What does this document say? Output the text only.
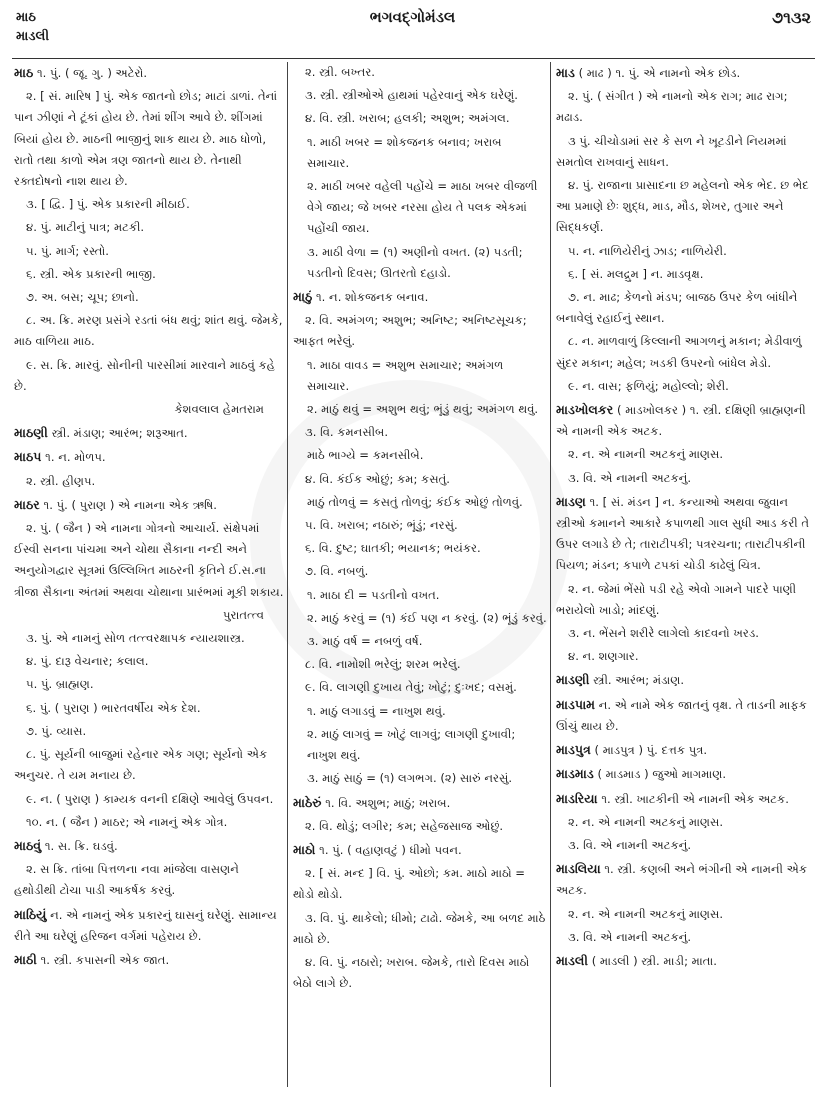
માઠ
માડલી
ભગવદ્ગોમંડલ	૭૧૩૨
માઠ ૧. પું. ( જૂ. ગુ. ) અટેરો.
૨. [ સં. મારિષ ] પું. એક જાતનો છોડ; માટાં ડાળાં. તેનાં પાન ઝીણાં ને ટૂંકાં હોય છે. તેમાં શીંગ આવે છે. શીંગમાં બિયાં હોય છે. માઠની ભાજીનું શાક થાય છે. માઠ ધોળો, રાતો તથા કાળો એમ ત્રણ જાતનો થાય છે. તેનાથી રક્તદોષનો નાશ થાય છે.
૩. [ દ્વિ. ] પું. એક પ્રકારની મીઠાઈ.
૪. પું. માટીનું પાત્ર; મટકી.
૫. પું. માર્ગ; રસ્તો.
૬. સ્ત્રી. એક પ્રકારની ભાજી.
૭. અ. બસ; ચૂપ; છાનો.
૮. અ. ક્રિ. મરણ પ્રસંગે રડતાં બંધ થવું; શાંત થવું. જેમકે, માઠ વાળિયા માઠ.
૯. સ. ક્રિ. મારવું. સોનીની પારસીમાં મારવાને માઠવું કહે છે.
કેશવલાલ હેમતરામ
માઠણી સ્ત્રી. મંડાણ; આરંભ; શરૂઆત.
માઠપ ૧. ન. મોળપ.
૨. સ્ત્રી. હીણપ.
માઠર ૧. પું. ( પુરાણ ) એ નામના એક ઋષિ.
૨. પું. ( જૈન ) એ નામના ગોત્રનો આચાર્ય. સંક્ષેપમાં ઈસ્વી સનના પાંચમા અને ચોથા સૈકાના નન્દી અને અનુયોગદ્વાર સૂત્રમાં ઉલ્લિખિત માઠરની કૃતિને ઈ.સ.ના ત્રીજા સૈકાના અંતમાં અથવા ચોથાના પ્રારંભમાં મૂકી શકાય.
પુરાતત્ત્વ
૩. પું. એ નામનું સોળ તત્ત્વરક્ષાપક ન્યાયશાસ્ત્ર.
૪. પું. દારૂ વેચનાર; કલાલ.
૫. પું. બ્રાહ્મણ.
૬. પું. ( પુરાણ ) ભારતવર્ષીય એક દેશ.
૭. પું. વ્યાસ.
૮. પું. સૂર્યની બાજુમાં રહેનાર એક ગણ; સૂર્યનો એક અનુચર. તે યમ મનાય છે.
૯. ન. ( પુરાણ ) કામ્યક વનની દક્ષિણે આવેલું ઉપવન.
૧૦. ન. ( જૈન ) માઠર; એ નામનું એક ગોત્ર.
માઠવું ૧. સ. ક્રિ. ઘડવું.
૨. સ ક્રિ. તાંબા પિત્તળના નવા માંજેલા વાસણને હથોડીથી ટોચા પાડી આકર્ષક કરવું.
માઠિયું ન. એ નામનું એક પ્રકારનું ઘાસનું ઘરેણું. સામાન્ય રીતે આ ઘરેણું હરિજન વર્ગમાં પહેરાય છે.
માઠી ૧. સ્ત્રી. કપાસની એક જાત.
૨. સ્ત્રી. બખ્તર.
૩. સ્ત્રી. સ્ત્રીઓએ હાથમાં પહેરવાનું એક ઘરેણું.
૪. વિ. સ્ત્રી. ખરાબ; હલકી; અશુભ; અમંગલ.
૧. માઠી ખબર = શોકજનક બનાવ; ખરાબ સમાચાર.
૨. માઠી ખબર વહેલી પહોંચે = માઠા ખબર વીજળી વેગે જાય; જે ખબર નરસા હોય તે પલક એકમાં પહોંચી જાય.
૩. માઠી વેળા = (૧) અણીનો વખત. (૨) પડતી; પડતીનો દિવસ; ઊતરતો દહાડો.
માઠું ૧. ન. શોકજનક બનાવ.
૨. વિ. અમંગળ; અશુભ; અનિષ્ટ; અનિષ્ટસૂચક; આફત ભરેલું.
૧. માઠા વાવડ = અશુભ સમાચાર; અમંગળ સમાચાર.
૨. માઠું થવું = અશુભ થવું; ભૂંડું થવું; અમંગળ થવું.
૩. વિ. કમનસીબ.
માઠે ભાગ્યે = કમનસીબે.
૪. વિ. કંઈક ઓછું; કમ; કસતું.
માઠું તોળવું = કસતું તોળવું; કંઈક ઓછું તોળવું.
૫. વિ. ખરાબ; નઠારું; ભૂંડું; નરસું.
૬. વિ. દુષ્ટ; ઘાતકી; ભયાનક; ભયંકર.
૭. વિ. નબળું.
૧. માઠા દી = પડતીનો વખત.
૨. માઠું કરવું = (૧) કંઈ પણ ન કરવું. (૨) ભૂંડું કરવું.
૩. માઠું વર્ષ = નબળું વર્ષ.
૮. વિ. નામોશી ભરેલું; શરમ ભરેલું.
૯. વિ. લાગણી દુખાય તેવું; ખોટું; દુઃખદ; વસમું.
૧. માઠું લગાડવું = નાખુશ થવું.
૨. માઠું લાગવું = ખોટું લાગવું; લાગણી દુખાવી; નાખુશ થવું.
૩. માઠું સાઠું = (૧) લગભગ. (૨) સારું નરસું.
માઠેરું ૧. વિ. અશુભ; માઠું; ખરાબ.
૨. વિ. થોડું; લગીર; કમ; સહેજસાજ ઓછું.
માઠો ૧. પું. ( વહાણવટું ) ધીમો પવન.
૨. [ સં. મન્દ ] વિ. પું. ઓછો; કમ. માઠો માઠો = થોડો થોડો.
૩. વિ. પું. થાકેલો; ધીમો; ટાઢો. જેમકે, આ બળદ માઠે માઠો છે.
૪. વિ. પું. નઠારો; ખરાબ. જેમકે, તારો દિવસ માઠો બેઠો લાગે છે.
માડ ( માઢ ) ૧. પું. એ નામનો એક છોડ.
૨. પું. ( સંગીત ) એ નામનો એક રાગ; માઢ રાગ; મઢાડ.
૩ પું. ચીચોડામાં સર કે સળ ને ખૂટડીને નિયમમાં સમતોલ રાખવાનું સાધન.
૪. પું. રાજાના પ્રાસાદના છ મહેલનો એક ભેદ. છ ભેદ આ પ્રમાણે છેઃ શુદ્ધ, માડ, મૌડ, શેખર, તુગાર અને સિદ્ધકર્ણ.
૫. ન. નાળિયેરીનું ઝાડ; નાળિયેરી.
૬. [ સં. મલદ્રુમ ] ન. માડવૃક્ષ.
૭. ન. માઢ; કેળનો મંડપ; બાજઠ ઉપર કેળ બાંધીને બનાવેલું રહાઈનું સ્થાન.
૮. ન. માળવાળું કિલ્લાની આગળનું મકાન; મેડીવાળું સુંદર મકાન; મહેલ; ખડકી ઉપરનો બાંધેલ મેડો.
૯. ન. વાસ; ફળિયું; મહોલ્લો; શેરી.
માડખોલકર ( માડખોલકર ) ૧. સ્ત્રી. દક્ષિણી બ્રાહ્મણની એ નામની એક અટક.
૨. ન. એ નામની અટકનું માણસ.
૩. વિ. એ નામની અટકનું.
માડણ ૧. [ સં. મંડન ] ન. કન્યાઓ અથવા જુવાન સ્ત્રીઓ કમાનને આકારે કપાળથી ગાલ સુધી આડ કરી તે ઉપર લગાડે છે તે; તારાટીપકી; પત્રરચના; તારાટીપકીની પિયળ; મંડન; કપાળે ટપકાં ચોડી કાઢેલું ચિત્ર.
૨. ન. જેમાં ભેંસો પડી રહે એવો ગામને પાદરે પાણી ભરાયેલો ખાડો; માંદણું.
૩. ન. ભેંસને શરીરે લાગેલો કાદવનો ખરડ.
૪. ન. શણગાર.
માડણી સ્ત્રી. આરંભ; મંડાણ.
માડપામ ન. એ નામે એક જાતનું વૃક્ષ. તે તાડની માફક ઊંચું થાય છે.
માડપુત્ર ( માડપુત્ર ) પું. દત્તક પુત્ર.
માડમાડ ( માડમાડ ) જુઓ માગમાણ.
માડરિયા ૧. સ્ત્રી. ખાટકીની એ નામની એક અટક.
૨. ન. એ નામની અટકનું માણસ.
૩. વિ. એ નામની અટકનું.
માડલિયા ૧. સ્ત્રી. કણબી અને ભંગીની એ નામની એક અટક.
૨. ન. એ નામની અટકનું માણસ.
૩. વિ. એ નામની અટકનું.
માડલી ( માડલી ) સ્ત્રી. માડી; માતા.
